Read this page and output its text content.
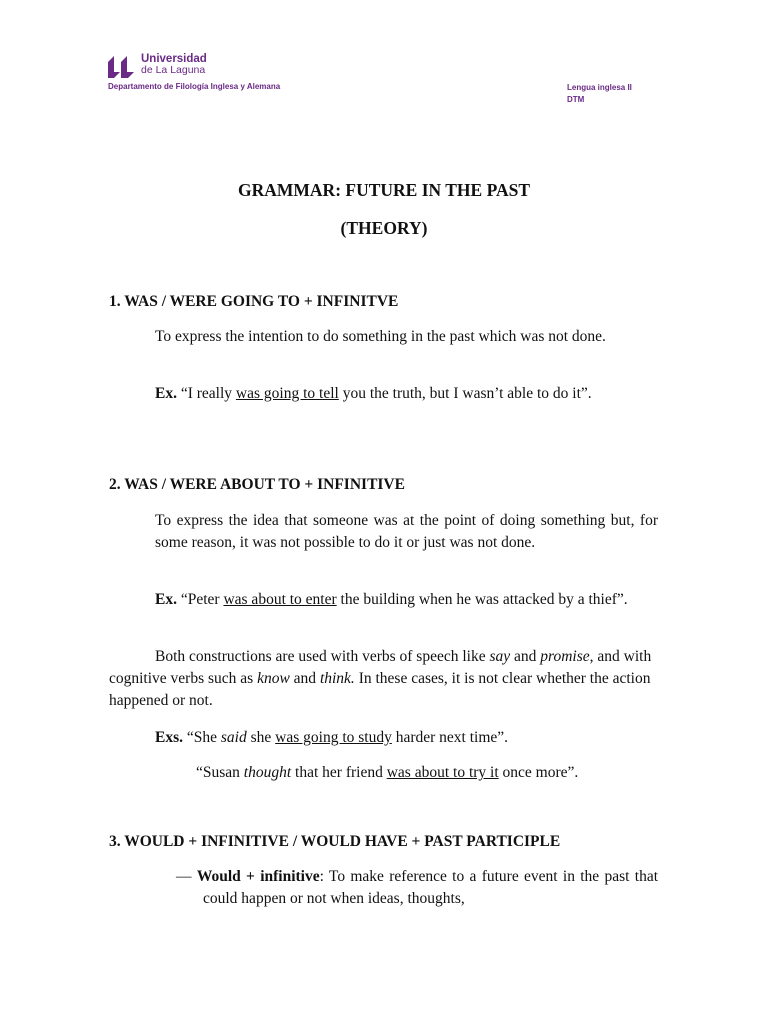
Universidad
de La Laguna
Departamento de Filología Inglesa y Alemana	Lengua inglesa II
DTM
GRAMMAR: FUTURE IN THE PAST
(THEORY)
1. WAS / WERE GOING TO + INFINITVE
To express the intention to do something in the past which was not done.
Ex. “I really was going to tell you the truth, but I wasn’t able to do it”.
2. WAS / WERE ABOUT TO + INFINITIVE
To express the idea that someone was at the point of doing something but, for some reason, it was not possible to do it or just was not done.
Ex. “Peter was about to enter the building when he was attacked by a thief”.
Both constructions are used with verbs of speech like say and promise, and with cognitive verbs such as know and think. In these cases, it is not clear whether the action happened or not.
Exs. “She said she was going to study harder next time”.
“Susan thought that her friend was about to try it once more”.
3. WOULD + INFINITIVE / WOULD HAVE + PAST PARTICIPLE
— Would + infinitive: To make reference to a future event in the past that could happen or not when ideas, thoughts,
